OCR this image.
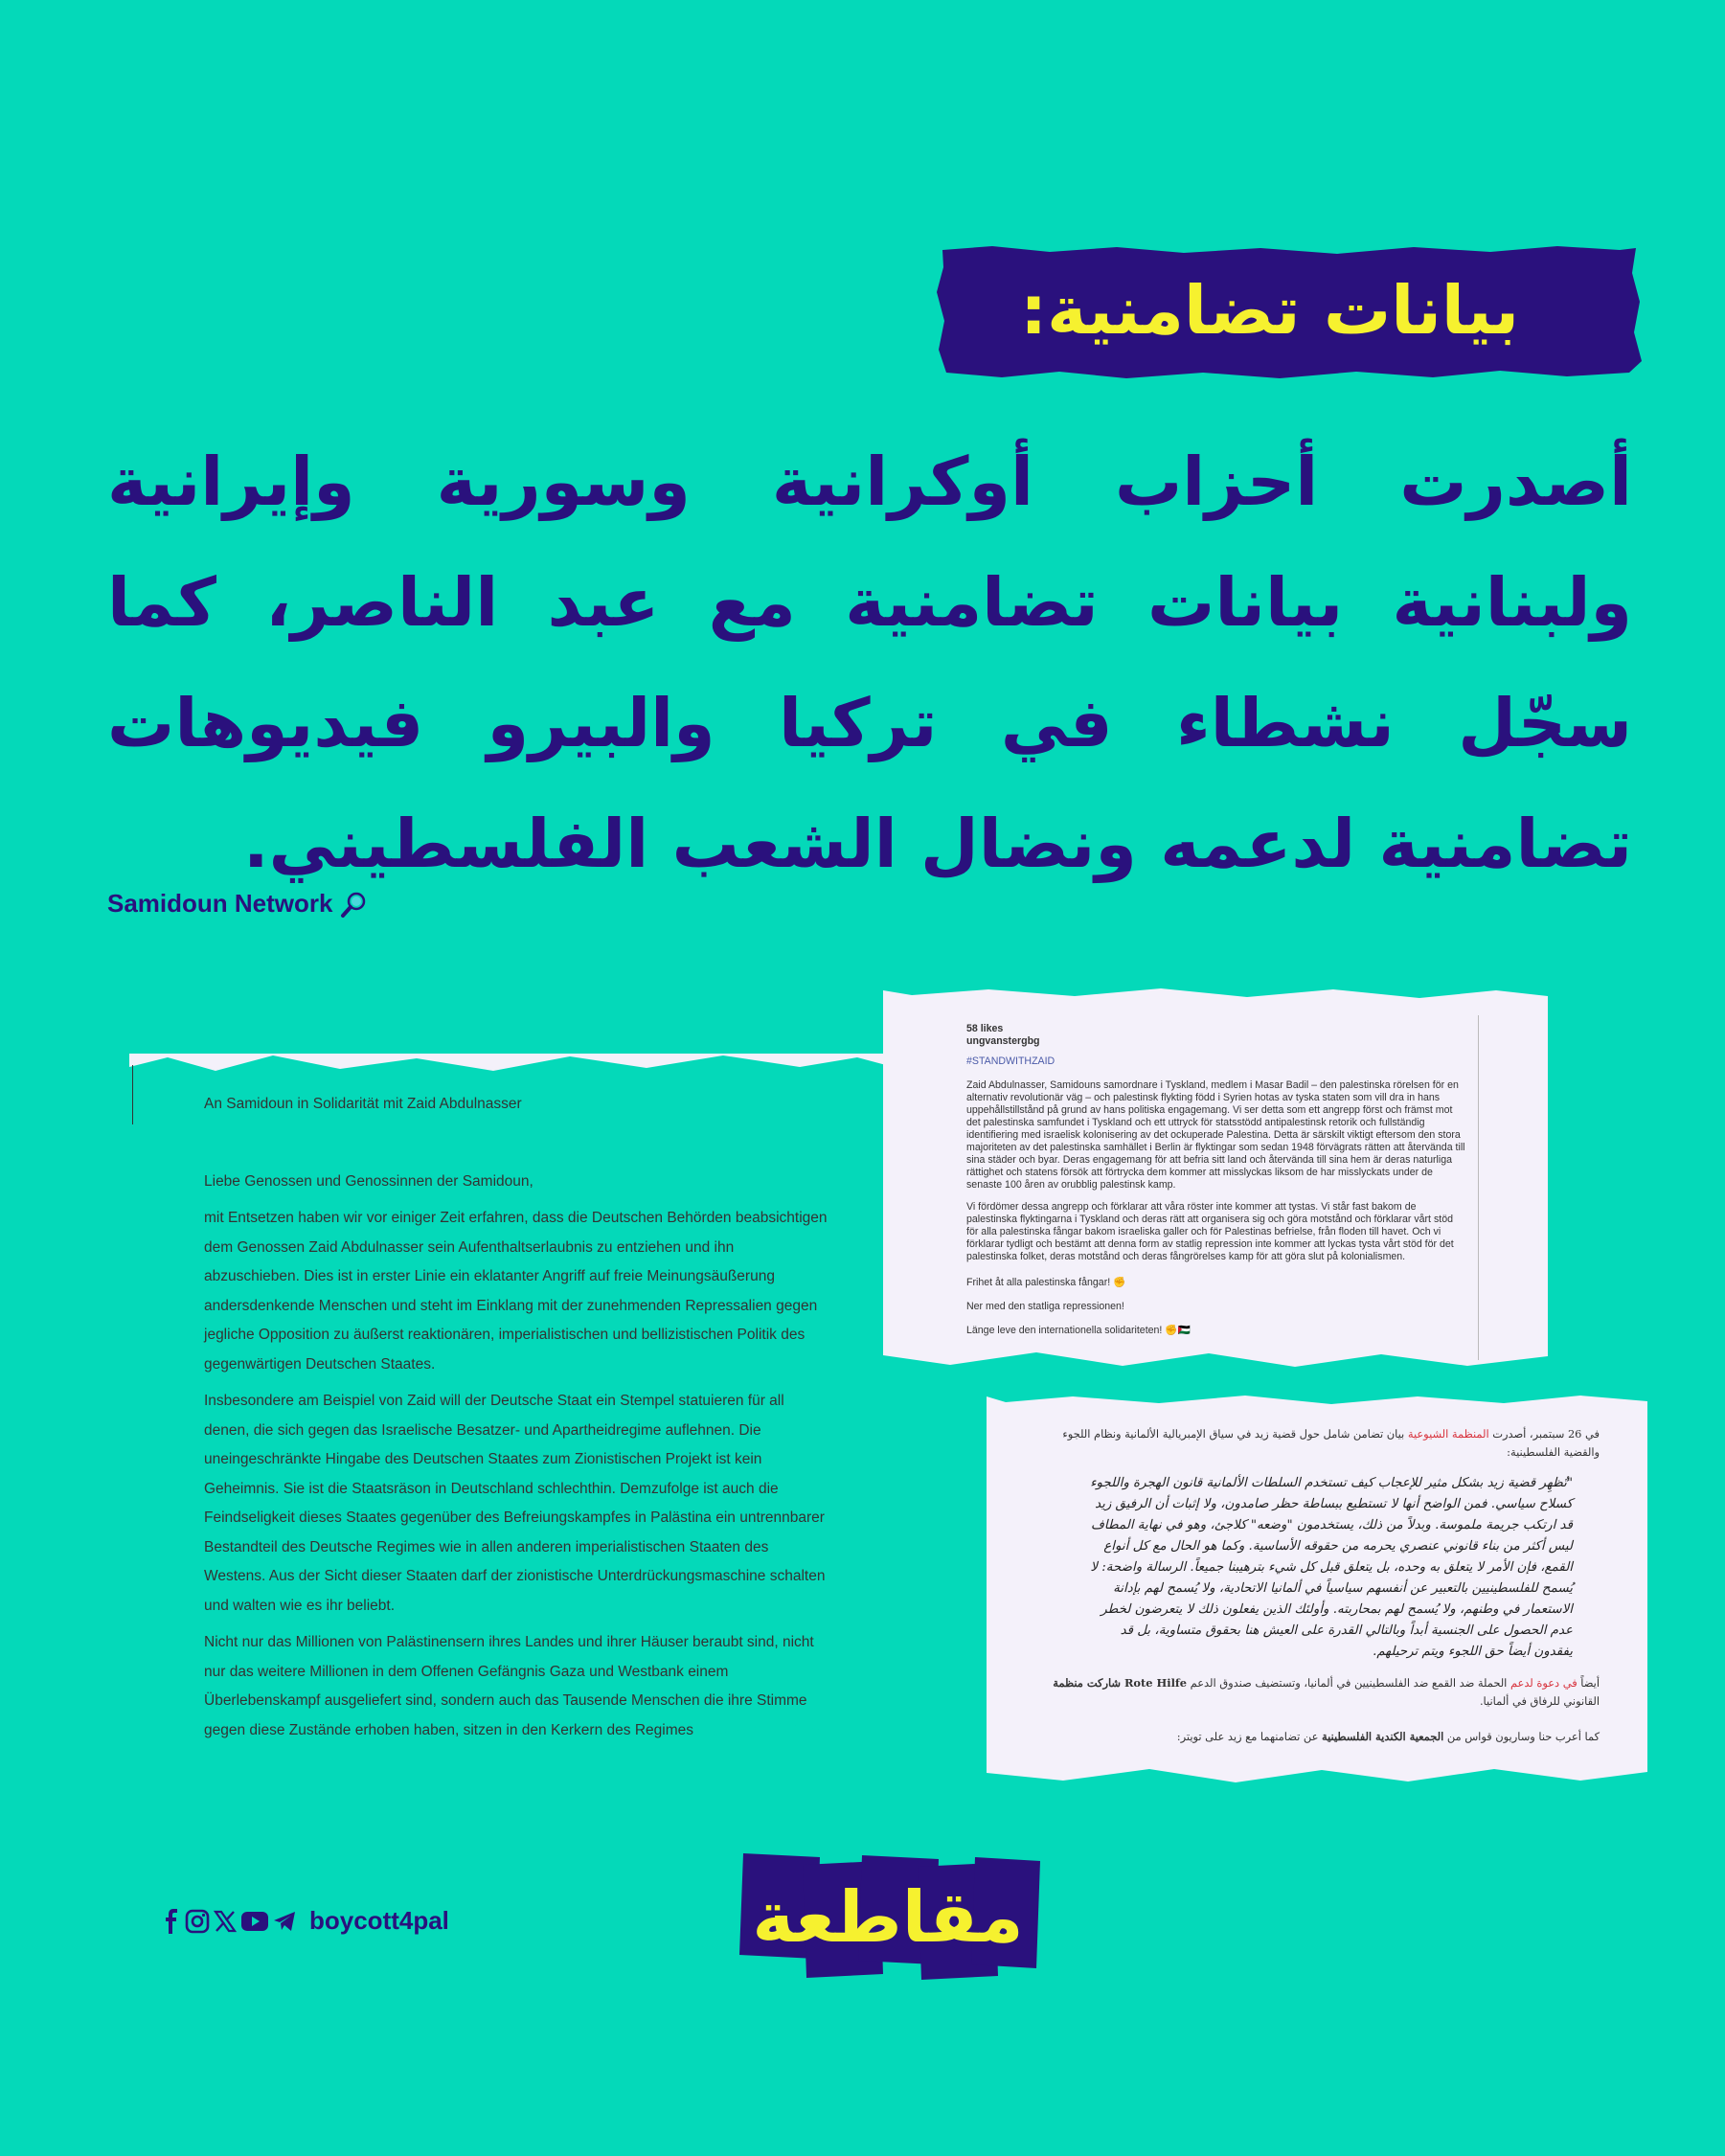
بيانات تضامنية:
أصدرت أحزاب أوكرانية وسورية وإيرانية ولبنانية بيانات تضامنية مع عبد الناصر، كما سجّل نشطاء في تركيا والبيرو فيديوهات تضامنية لدعمه ونضال الشعب الفلسطيني.
Samidoun Network

An Samidoun in Solidarität mit Zaid Abdulnasser

Liebe Genossen und Genossinnen der Samidoun,

mit Entsetzen haben wir vor einiger Zeit erfahren, dass die Deutschen Behörden beabsichtigen dem Genossen Zaid Abdulnasser sein Aufenthaltserlaubnis zu entziehen und ihn abzuschieben. Dies ist in erster Linie ein eklatanter Angriff auf freie Meinungsäußerung andersdenkende Menschen und steht im Einklang mit der zunehmenden Repressalien gegen jegliche Opposition zu äußerst reaktionären, imperialistischen und bellizistischen Politik des gegenwärtigen Deutschen Staates.

Insbesondere am Beispiel von Zaid will der Deutsche Staat ein Stempel statuieren für all denen, die sich gegen das Israelische Besatzer- und Apartheidregime auflehnen. Die uneingeschränkte Hingabe des Deutschen Staates zum Zionistischen Projekt ist kein Geheimnis. Sie ist die Staatsräson in Deutschland schlechthin. Demzufolge ist auch die Feindseligkeit dieses Staates gegenüber des Befreiungskampfes in Palästina ein untrennbarer Bestandteil des Deutsche Regimes wie in allen anderen imperialistischen Staaten des Westens. Aus der Sicht dieser Staaten darf der zionistische Unterdrückungsmaschine schalten und walten wie es ihr beliebt.

Nicht nur das Millionen von Palästinensern ihres Landes und ihrer Häuser beraubt sind, nicht nur das weitere Millionen in dem Offenen Gefängnis Gaza und Westbank einem Überlebenskampf ausgeliefert sind, sondern auch das Tausende Menschen die ihre Stimme gegen diese Zustände erhoben haben, sitzen in den Kerkern des Regimes

58 likes
ungvanstergbg
#STANDWITHZAID

Zaid Abdulnasser, Samidouns samordnare i Tyskland, medlem i Masar Badil – den palestinska rörelsen för en alternativ revolutionär väg – och palestinsk flykting född i Syrien hotas av tyska staten som vill dra in hans uppehållstillstånd på grund av hans politiska engagemang. Vi ser detta som ett angrepp först och främst mot det palestinska samfundet i Tyskland och ett uttryck för statsstödd antipalestinsk retorik och fullständig identifiering med israelisk kolonisering av det ockuperade Palestina. Detta är särskilt viktigt eftersom den stora majoriteten av det palestinska samhället i Berlin är flyktingar som sedan 1948 förvägrats rätten att återvända till sina städer och byar. Deras engagemang för att befria sitt land och återvända till sina hem är deras naturliga rättighet och statens försök att förtrycka dem kommer att misslyckas liksom de har misslyckats under de senaste 100 åren av orubblig palestinsk kamp.

Vi fördömer dessa angrepp och förklarar att våra röster inte kommer att tystas. Vi står fast bakom de palestinska flyktingarna i Tyskland och deras rätt att organisera sig och göra motstånd och förklarar vårt stöd för alla palestinska fångar bakom israeliska galler och för Palestinas befrielse, från floden till havet. Och vi förklarar tydligt och bestämt att denna form av statlig repression inte kommer att lyckas tysta vårt stöd för det palestinska folket, deras motstånd och deras fångrörelses kamp för att göra slut på kolonialismen.

Frihet åt alla palestinska fångar! ✊

Ner med den statliga repressionen!

Länge leve den internationella solidariteten! ✊🇵🇸

في 26 سبتمبر، أصدرت المنظمة الشيوعية بيان تضامن شامل حول قضية زيد في سياق الإمبريالية الألمانية ونظام اللجوء والقضية الفلسطينية:

"تُظهِر قضية زيد بشكل مثير للإعجاب كيف تستخدم السلطات الألمانية قانون الهجرة واللجوء كسلاح سياسي. فمن الواضح أنها لا تستطيع ببساطة حظر صامدون، ولا إثبات أن الرفيق زيد قد ارتكب جريمة ملموسة. وبدلاً من ذلك، يستخدمون "وضعه" كلاجئ، وهو في نهاية المطاف ليس أكثر من بناء قانوني عنصري يحرمه من حقوقه الأساسية. وكما هو الحال مع كل أنواع القمع، فإن الأمر لا يتعلق به وحده، بل يتعلق قبل كل شيء بترهيبنا جميعاً. الرسالة واضحة: لا يُسمح للفلسطينيين بالتعبير عن أنفسهم سياسياً في ألمانيا الاتحادية، ولا يُسمح لهم بإدانة الاستعمار في وطنهم، ولا يُسمح لهم بمحاربته. وأولئك الذين يفعلون ذلك لا يتعرضون لخطر عدم الحصول على الجنسية أبداً وبالتالي القدرة على العيش هنا بحقوق متساوية، بل قد يفقدون أيضاً حق اللجوء ويتم ترحيلهم.

أيضاً في دعوة لدعم الحملة ضد القمع ضد الفلسطينيين في ألمانيا، وتستضيف صندوق الدعم Rote Hilfe شاركت منظمة القانوني للرفاق في ألمانيا.

كما أعرب حنا وساريون قواس من الجمعية الكندية الفلسطينية عن تضامنهما مع زيد على تويتر:

boycott4pal	مقاطعة
